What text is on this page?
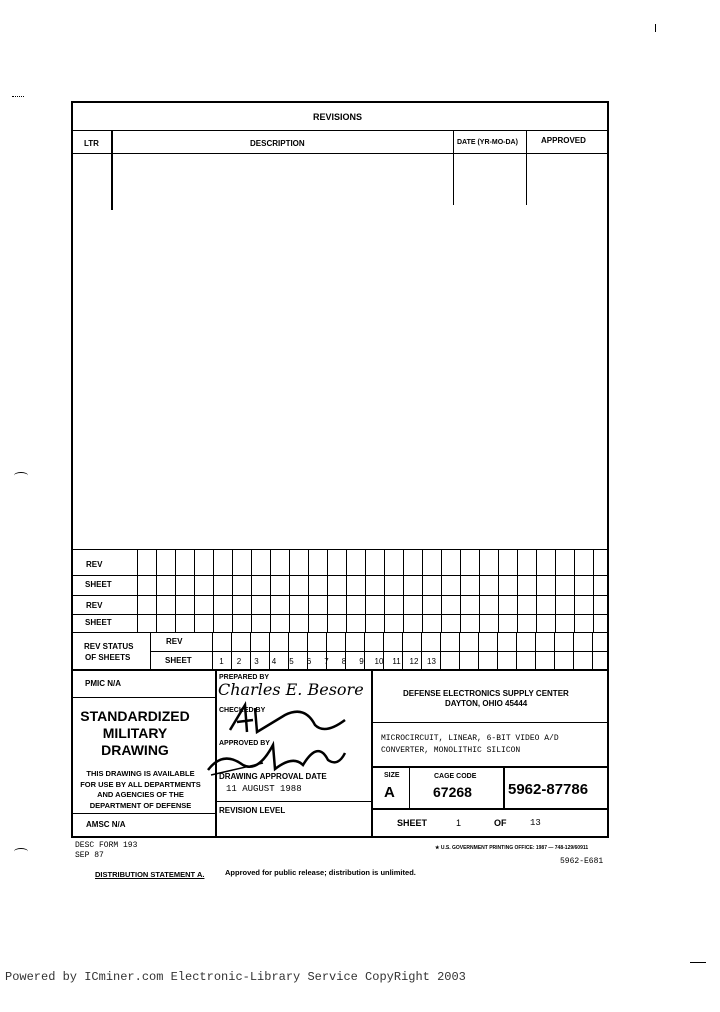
REVISIONS
LTR	DESCRIPTION	DATE (YR-MO-DA)	APPROVED
REV
SHEET
REV
SHEET
REV STATUS
OF SHEETS
REV
SHEET	1	2	3	4	5	6	7	8	9	10	11	12	13
PMIC N/A
STANDARDIZED
MILITARY
DRAWING
THIS DRAWING IS AVAILABLE
FOR USE BY ALL DEPARTMENTS
AND AGENCIES OF THE
DEPARTMENT OF DEFENSE
AMSC N/A
PREPARED BY
Charles E. Besore
CHECKED BY
APPROVED BY
DRAWING APPROVAL DATE
11 AUGUST 1988
REVISION LEVEL
DEFENSE ELECTRONICS SUPPLY CENTER
DAYTON, OHIO 45444
MICROCIRCUIT, LINEAR, 6-BIT VIDEO A/D
CONVERTER, MONOLITHIC SILICON
SIZE
A
CAGE CODE
67268 5962-87786
SHEET	1	OF	13
DESC FORM 193
SEP 87
★ U.S. GOVERNMENT PRINTING OFFICE: 1987 — 748-129/60911
5962-E681
DISTRIBUTION STATEMENT A.	Approved for public release; distribution is unlimited.
Powered by ICminer.com Electronic-Library Service CopyRight 2003
